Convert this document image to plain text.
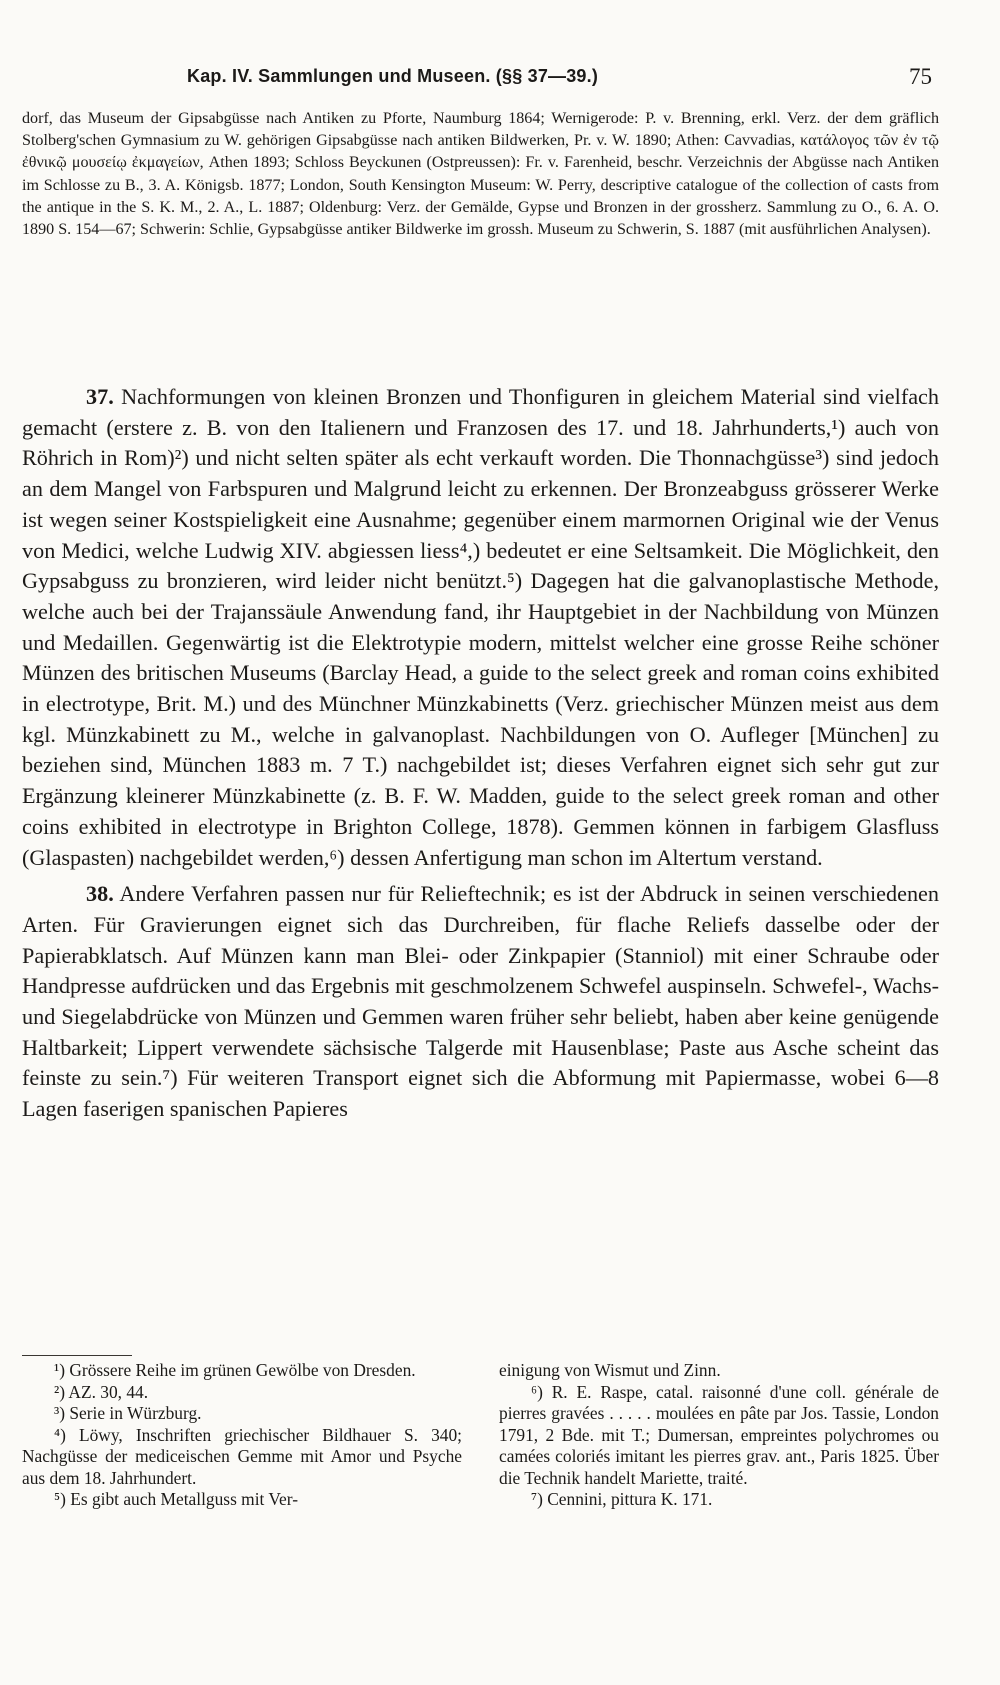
Kap. IV. Sammlungen und Museen. (§§ 37—39.)	75

dorf, das Museum der Gipsabgüsse nach Antiken zu Pforte, Naumburg 1864; Wernigerode: P. v. Brenning, erkl. Verz. der dem gräflich Stolberg'schen Gymnasium zu W. gehörigen Gipsabgüsse nach antiken Bildwerken, Pr. v. W. 1890; Athen: Cavvadias, κατάλογος τῶν ἐν τῷ ἐθνικῷ μουσείῳ ἐκμαγείων, Athen 1893; Schloss Beyckunen (Ostpreussen): Fr. v. Farenheid, beschr. Verzeichnis der Abgüsse nach Antiken im Schlosse zu B., 3. A. Königsb. 1877; London, South Kensington Museum: W. Perry, descriptive catalogue of the collection of casts from the antique in the S. K. M., 2. A., L. 1887; Oldenburg: Verz. der Gemälde, Gypse und Bronzen in der grossherz. Sammlung zu O., 6. A. O. 1890 S. 154—67; Schwerin: Schlie, Gypsabgüsse antiker Bildwerke im grossh. Museum zu Schwerin, S. 1887 (mit ausführlichen Analysen).

37. Nachformungen von kleinen Bronzen und Thonfiguren in gleichem Material sind vielfach gemacht (erstere z. B. von den Italienern und Franzosen des 17. und 18. Jahrhunderts,¹) auch von Röhrich in Rom)²) und nicht selten später als echt verkauft worden. Die Thonnachgüsse³) sind jedoch an dem Mangel von Farbspuren und Malgrund leicht zu erkennen. Der Bronzeabguss grösserer Werke ist wegen seiner Kostspieligkeit eine Ausnahme; gegenüber einem marmornen Original wie der Venus von Medici, welche Ludwig XIV. abgiessen liess⁴,) bedeutet er eine Seltsamkeit. Die Möglichkeit, den Gypsabguss zu bronzieren, wird leider nicht benützt.⁵) Dagegen hat die galvanoplastische Methode, welche auch bei der Trajanssäule Anwendung fand, ihr Hauptgebiet in der Nachbildung von Münzen und Medaillen. Gegenwärtig ist die Elektrotypie modern, mittelst welcher eine grosse Reihe schöner Münzen des britischen Museums (Barclay Head, a guide to the select greek and roman coins exhibited in electrotype, Brit. M.) und des Münchner Münzkabinetts (Verz. griechischer Münzen meist aus dem kgl. Münzkabinett zu M., welche in galvanoplast. Nachbildungen von O. Aufleger [München] zu beziehen sind, München 1883 m. 7 T.) nachgebildet ist; dieses Verfahren eignet sich sehr gut zur Ergänzung kleinerer Münzkabinette (z. B. F. W. Madden, guide to the select greek roman and other coins exhibited in electrotype in Brighton College, 1878). Gemmen können in farbigem Glasfluss (Glaspasten) nachgebildet werden,⁶) dessen Anfertigung man schon im Altertum verstand.

38. Andere Verfahren passen nur für Relieftechnik; es ist der Abdruck in seinen verschiedenen Arten. Für Gravierungen eignet sich das Durchreiben, für flache Reliefs dasselbe oder der Papierabklatsch. Auf Münzen kann man Blei- oder Zinkpapier (Stanniol) mit einer Schraube oder Handpresse aufdrücken und das Ergebnis mit geschmolzenem Schwefel auspinseln. Schwefel-, Wachs- und Siegelabdrücke von Münzen und Gemmen waren früher sehr beliebt, haben aber keine genügende Haltbarkeit; Lippert verwendete sächsische Talgerde mit Hausenblase; Paste aus Asche scheint das feinste zu sein.⁷) Für weiteren Transport eignet sich die Abformung mit Papiermasse, wobei 6—8 Lagen faserigen spanischen Papieres

¹) Grössere Reihe im grünen Gewölbe von Dresden.

²) AZ. 30, 44.

³) Serie in Würzburg.

⁴) Löwy, Inschriften griechischer Bildhauer S. 340; Nachgüsse der mediceischen Gemme mit Amor und Psyche aus dem 18. Jahrhundert.

⁵) Es gibt auch Metallguss mit Ver-

einigung von Wismut und Zinn.

⁶) R. E. Raspe, catal. raisonné d'une coll. générale de pierres gravées . . . . . moulées en pâte par Jos. Tassie, London 1791, 2 Bde. mit T.; Dumersan, empreintes polychromes ou camées coloriés imitant les pierres grav. ant., Paris 1825. Über die Technik handelt Mariette, traité.

⁷) Cennini, pittura K. 171.
